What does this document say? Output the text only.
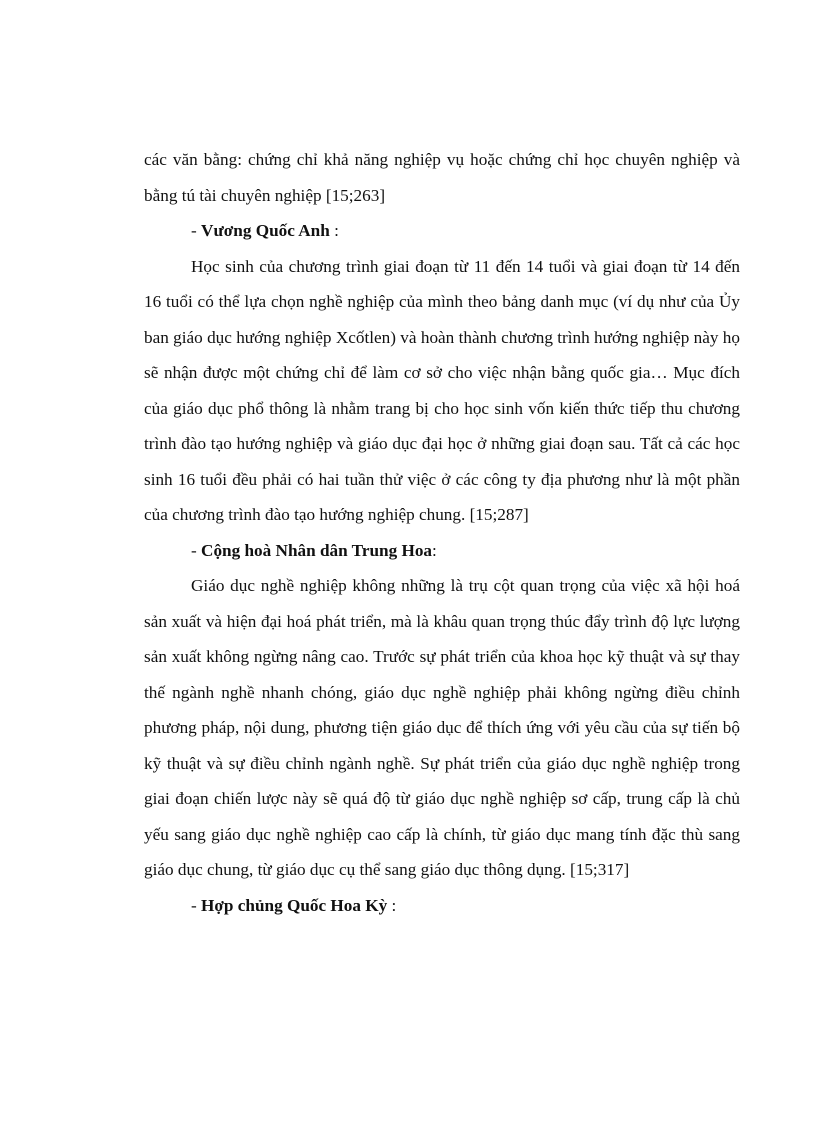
các văn bằng: chứng chỉ khả năng nghiệp vụ hoặc chứng chỉ học chuyên nghiệp và bằng tú tài chuyên nghiệp [15;263]

- Vương Quốc Anh :

Học sinh của chương trình giai đoạn từ 11 đến 14 tuổi và giai đoạn từ 14 đến 16 tuổi có thể lựa chọn nghề nghiệp của mình theo bảng danh mục (ví dụ như của Ủy ban giáo dục hướng nghiệp Xcốtlen) và hoàn thành chương trình hướng nghiệp này họ sẽ nhận được một chứng chỉ để làm cơ sở cho việc nhận bằng quốc gia… Mục đích của giáo dục phổ thông là nhằm trang bị cho học sinh vốn kiến thức tiếp thu chương trình đào tạo hướng nghiệp và giáo dục đại học ở những giai đoạn sau. Tất cả các học sinh 16 tuổi đều phải có hai tuần thử việc ở các công ty địa phương như là một phần của chương trình đào tạo hướng nghiệp chung. [15;287]

- Cộng hoà Nhân dân Trung Hoa:

Giáo dục nghề nghiệp không những là trụ cột quan trọng của việc xã hội hoá sản xuất và hiện đại hoá phát triển, mà là khâu quan trọng thúc đẩy trình độ lực lượng sản xuất không ngừng nâng cao. Trước sự phát triển của khoa học kỹ thuật và sự thay thế ngành nghề nhanh chóng, giáo dục nghề nghiệp phải không ngừng điều chỉnh phương pháp, nội dung, phương tiện giáo dục để thích ứng với yêu cầu của sự tiến bộ kỹ thuật và sự điều chỉnh ngành nghề. Sự phát triển của giáo dục nghề nghiệp trong giai đoạn chiến lược này sẽ quá độ từ giáo dục nghề nghiệp sơ cấp, trung cấp là chủ yếu sang giáo dục nghề nghiệp cao cấp là chính, từ giáo dục mang tính đặc thù sang giáo dục chung, từ giáo dục cụ thể sang giáo dục thông dụng. [15;317]

- Hợp chủng Quốc Hoa Kỳ :
